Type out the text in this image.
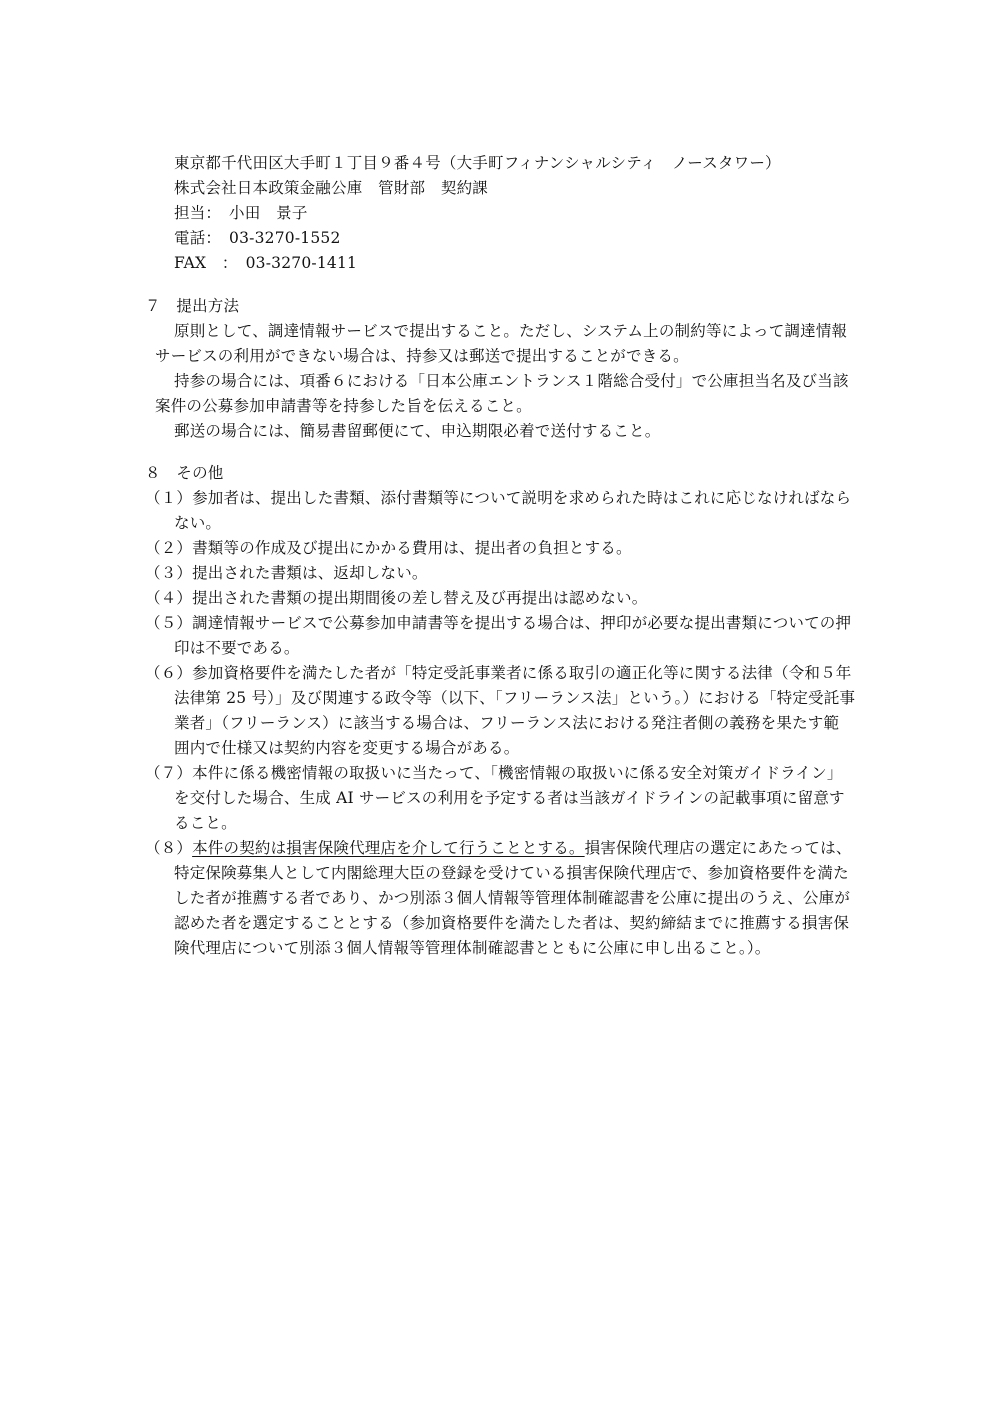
東京都千代田区大手町１丁目９番４号（大手町フィナンシャルシティ　ノースタワー）
株式会社日本政策金融公庫　管財部　契約課
担当：　小田　景子
電話：　03-3270-1552
FAX　：　03-3270-1411
７　提出方法
原則として、調達情報サービスで提出すること。ただし、システム上の制約等によって調達情報
サービスの利用ができない場合は、持参又は郵送で提出することができる。
持参の場合には、項番６における「日本公庫エントランス１階総合受付」で公庫担当名及び当該
案件の公募参加申請書等を持参した旨を伝えること。
郵送の場合には、簡易書留郵便にて、申込期限必着で送付すること。
８　その他
（１）参加者は、提出した書類、添付書類等について説明を求められた時はこれに応じなければなら
ない。
（２）書類等の作成及び提出にかかる費用は、提出者の負担とする。
（３）提出された書類は、返却しない。
（４）提出された書類の提出期間後の差し替え及び再提出は認めない。
（５）調達情報サービスで公募参加申請書等を提出する場合は、押印が必要な提出書類についての押
印は不要である。
（６）参加資格要件を満たした者が「特定受託事業者に係る取引の適正化等に関する法律（令和５年
法律第 25 号）」及び関連する政令等（以下、「フリーランス法」という。）における「特定受託事
業者」（フリーランス）に該当する場合は、フリーランス法における発注者側の義務を果たす範
囲内で仕様又は契約内容を変更する場合がある。
（７）本件に係る機密情報の取扱いに当たって、「機密情報の取扱いに係る安全対策ガイドライン」
を交付した場合、生成 AI サービスの利用を予定する者は当該ガイドラインの記載事項に留意す
ること。
（８）本件の契約は損害保険代理店を介して行うこととする。損害保険代理店の選定にあたっては、
特定保険募集人として内閣総理大臣の登録を受けている損害保険代理店で、参加資格要件を満た
した者が推薦する者であり、かつ別添３個人情報等管理体制確認書を公庫に提出のうえ、公庫が
認めた者を選定することとする（参加資格要件を満たした者は、契約締結までに推薦する損害保
険代理店について別添３個人情報等管理体制確認書とともに公庫に申し出ること。）。
